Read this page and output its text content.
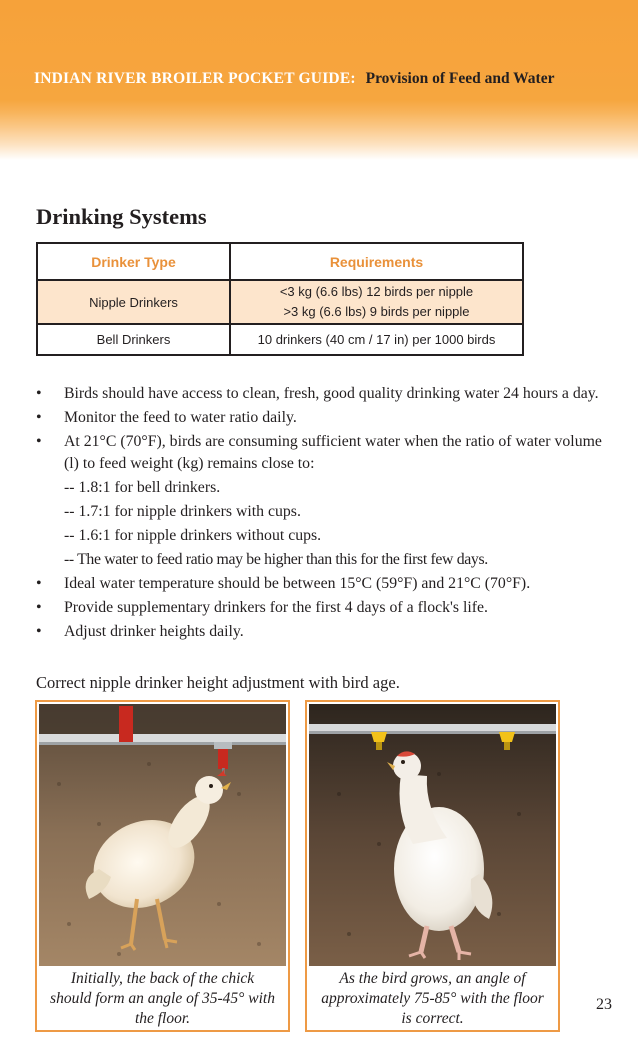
INDIAN RIVER BROILER POCKET GUIDE: Provision of Feed and Water
Drinking Systems
Drinker Type	Requirements
Nipple Drinkers	<3 kg (6.6 lbs) 12 birds per nipple
>3 kg (6.6 lbs) 9 birds per nipple

Bell Drinkers	10 drinkers (40 cm / 17 in) per 1000 birds
• Birds should have access to clean, fresh, good quality drinking water 24 hours a day.
• Monitor the feed to water ratio daily.
• At 21°C (70°F), birds are consuming sufficient water when the ratio of water volume (l) to feed weight (kg) remains close to:
-- 1.8:1 for bell drinkers.
-- 1.7:1 for nipple drinkers with cups.
-- 1.6:1 for nipple drinkers without cups.
-- The water to feed ratio may be higher than this for the first few days.
• Ideal water temperature should be between 15°C (59°F) and 21°C (70°F).
• Provide supplementary drinkers for the first 4 days of a flock's life.
• Adjust drinker heights daily.

Correct nipple drinker height adjustment with bird age.

Initially, the back of the chick should form an angle of 35-45° with the floor.
As the bird grows, an angle of approximately 75-85° with the floor is correct.
23
